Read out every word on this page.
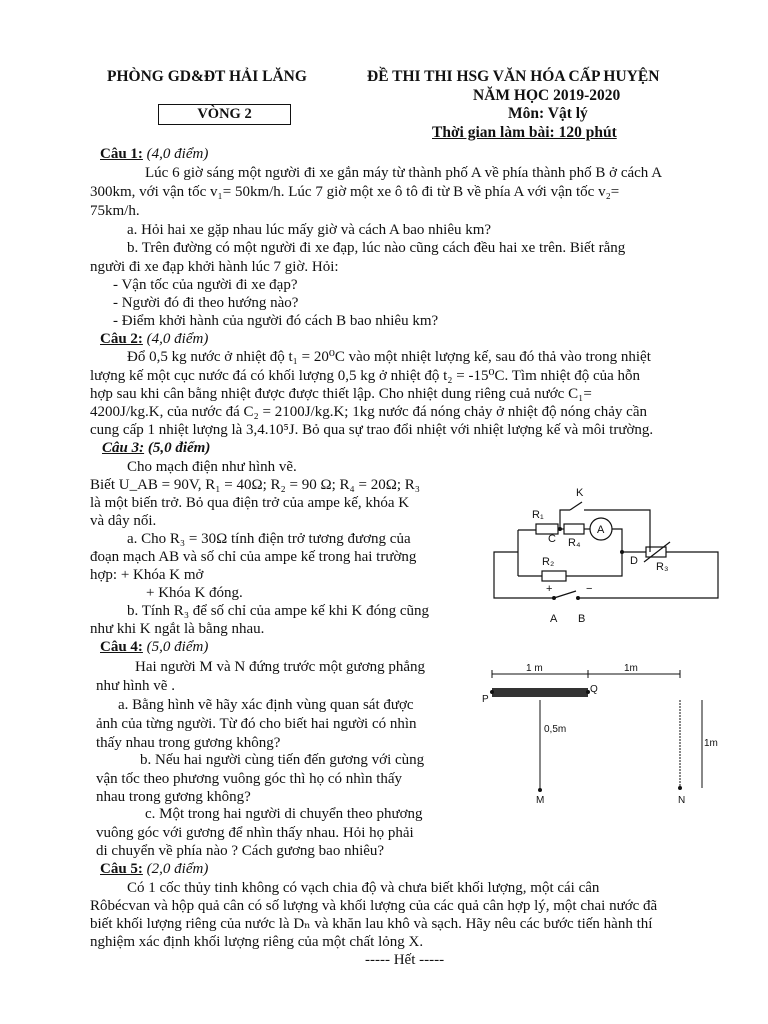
PHÒNG GD&ĐT HẢI LĂNG	ĐỀ THI THI HSG VĂN HÓA CẤP HUYỆN
NĂM HỌC 2019-2020
VÒNG 2	Môn: Vật lý
Thời gian làm bài: 120 phút
Câu 1: (4,0 điểm)
Lúc 6 giờ sáng một người đi xe gắn máy từ thành phố A về phía thành phố B ở cách A
300km, với vận tốc v₁= 50km/h. Lúc 7 giờ một xe ô tô đi từ B về phía A với vận tốc v₂=
75km/h.
a. Hỏi hai xe gặp nhau lúc mấy giờ và cách A bao nhiêu km?
b. Trên đường có một người đi xe đạp, lúc nào cũng cách đều hai xe trên. Biết rằng
người đi xe đạp khởi hành lúc 7 giờ. Hỏi:
- Vận tốc của người đi xe đạp?
- Người đó đi theo hướng nào?
- Điểm khởi hành của người đó cách B bao nhiêu km?
Câu 2: (4,0 điểm)
Đổ 0,5 kg nước ở nhiệt độ t₁ = 20⁰C vào một nhiệt lượng kế, sau đó thả vào trong nhiệt
lượng kế một cục nước đá có khối lượng 0,5 kg ở nhiệt độ t₂ = -15⁰C. Tìm nhiệt độ của hỗn
hợp sau khi cân bằng nhiệt được được thiết lập. Cho nhiệt dung riêng cuả nước C₁=
4200J/kg.K, của nước đá C₂ = 2100J/kg.K; 1kg nước đá nóng chảy ở nhiệt độ nóng chảy cần
cung cấp 1 nhiệt lượng là 3,4.10⁵J. Bỏ qua sự trao đổi nhiệt với nhiệt lượng kế và môi trường.
Câu 3: (5,0 điểm)
Cho mạch điện như hình vẽ.
Biết U_AB = 90V, R₁ = 40Ω; R₂ = 90 Ω; R₄ = 20Ω; R₃
là một biến trở. Bỏ qua điện trở của ampe kế, khóa K
và dây nối.
a. Cho R₃ = 30Ω tính điện trở tương đương của
đoạn mạch AB và số chỉ của ampe kế trong hai trường
hợp: + Khóa K mở
+ Khóa K đóng.
b. Tính R₃ để số chỉ của ampe kế khi K đóng cũng
như khi K ngắt là bằng nhau.
K
R₁
C R₄
A
R₂	D R₃
+	−
A B
Câu 4: (5,0 điểm)
Hai người M và N đứng trước một gương phẳng
như hình vẽ .
a. Bằng hình vẽ hãy xác định vùng quan sát được
ảnh của từng người. Từ đó cho biết hai người có nhìn
thấy nhau trong gương không?
b. Nếu hai người cùng tiến đến gương với cùng
vận tốc theo phương vuông góc thì họ có nhìn thấy
nhau trong gương không?
c. Một trong hai người di chuyển theo phương
vuông góc với gương để nhìn thấy nhau. Hỏi họ phải
di chuyển về phía nào ? Cách gương bao nhiêu?
1 m	1m
P
Q
0,5m
1m
M	N
Câu 5: (2,0 điểm)
Có 1 cốc thủy tinh không có vạch chia độ và chưa biết khối lượng, một cái cân
Rôbécvan và hộp quả cân có số lượng và khối lượng của các quả cân hợp lý, một chai nước đã
biết khối lượng riêng của nước là Dₙ và khăn lau khô và sạch. Hãy nêu các bước tiến hành thí
nghiệm xác định khối lượng riêng của một chất lỏng X.
----- Hết -----
